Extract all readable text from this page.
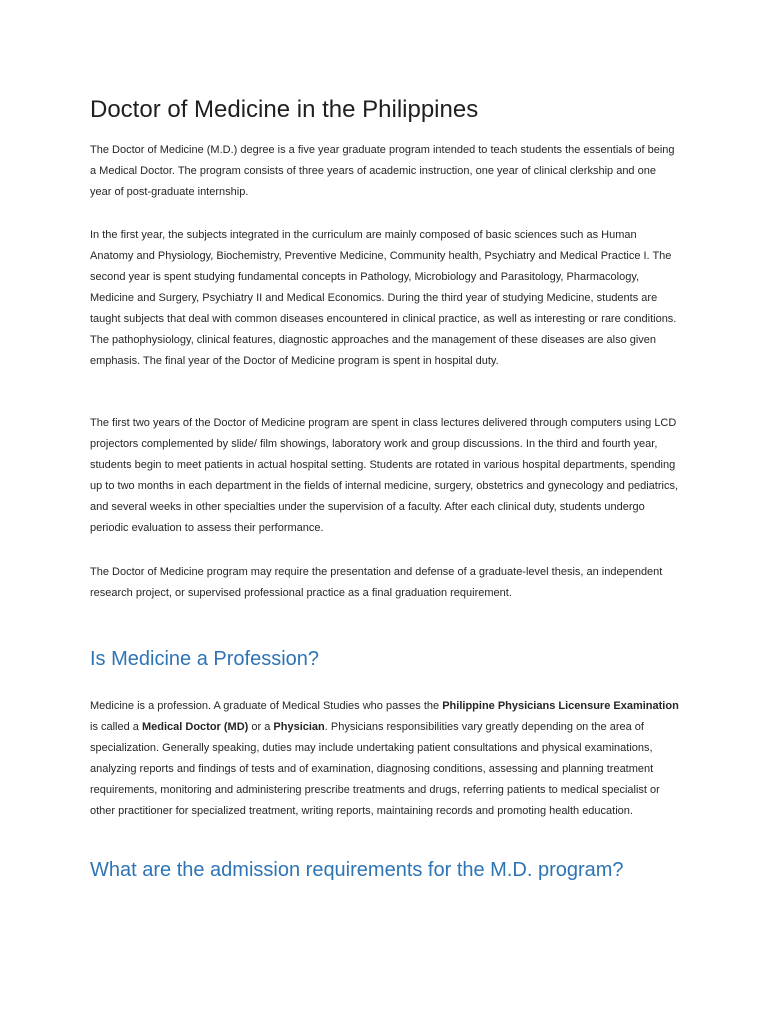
Doctor of Medicine in the Philippines

The Doctor of Medicine (M.D.) degree is a five year graduate program intended to teach students the essentials of being a Medical Doctor. The program consists of three years of academic instruction, one year of clinical clerkship and one year of post-graduate internship.

In the first year, the subjects integrated in the curriculum are mainly composed of basic sciences such as Human Anatomy and Physiology, Biochemistry, Preventive Medicine, Community health, Psychiatry and Medical Practice I. The second year is spent studying fundamental concepts in Pathology, Microbiology and Parasitology, Pharmacology, Medicine and Surgery, Psychiatry II and Medical Economics. During the third year of studying Medicine, students are taught subjects that deal with common diseases encountered in clinical practice, as well as interesting or rare conditions. The pathophysiology, clinical features, diagnostic approaches and the management of these diseases are also given emphasis. The final year of the Doctor of Medicine program is spent in hospital duty.

The first two years of the Doctor of Medicine program are spent in class lectures delivered through computers using LCD projectors complemented by slide/ film showings, laboratory work and group discussions. In the third and fourth year, students begin to meet patients in actual hospital setting. Students are rotated in various hospital departments, spending up to two months in each department in the fields of internal medicine, surgery, obstetrics and gynecology and pediatrics, and several weeks in other specialties under the supervision of a faculty. After each clinical duty, students undergo periodic evaluation to assess their performance.

The Doctor of Medicine program may require the presentation and defense of a graduate-level thesis, an independent research project, or supervised professional practice as a final graduation requirement.

Is Medicine a Profession?

Medicine is a profession. A graduate of Medical Studies who passes the Philippine Physicians Licensure Examination is called a Medical Doctor (MD) or a Physician. Physicians responsibilities vary greatly depending on the area of specialization. Generally speaking, duties may include undertaking patient consultations and physical examinations, analyzing reports and findings of tests and of examination, diagnosing conditions, assessing and planning treatment requirements, monitoring and administering prescribe treatments and drugs, referring patients to medical specialist or other practitioner for specialized treatment, writing reports, maintaining records and promoting health education.

What are the admission requirements for the M.D. program?
